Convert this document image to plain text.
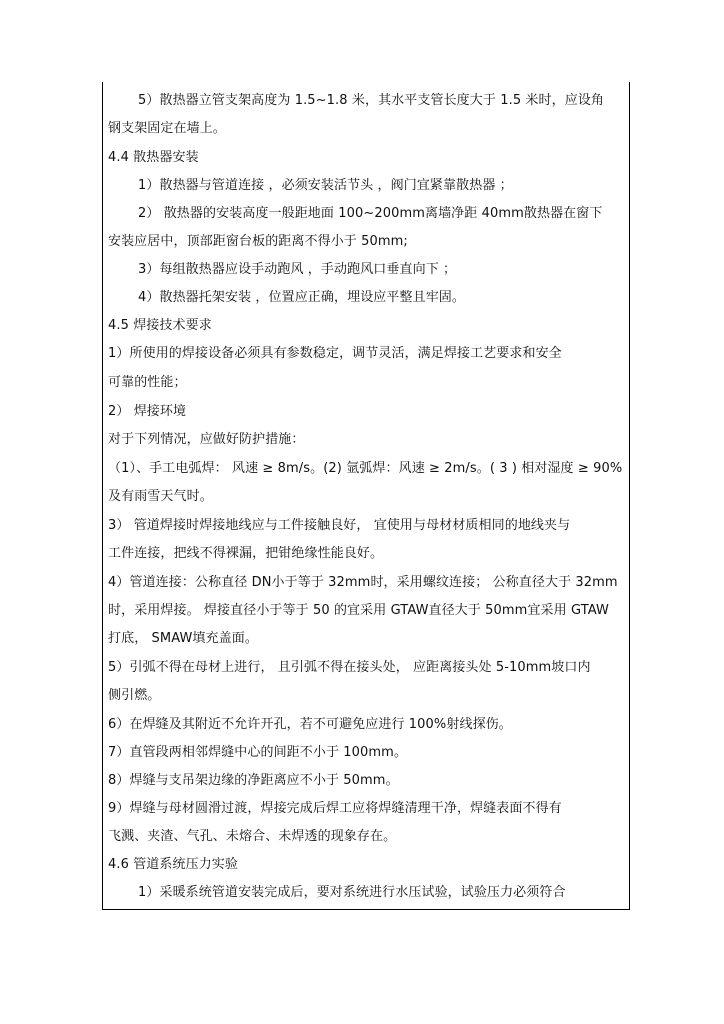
5）散热器立管支架高度为 1.5~1.8 米，其水平支管长度大于 1.5 米时，应设角
钢支架固定在墙上。
4.4 散热器安装
1）散热器与管道连接 ，必须安装活节头 ，阀门宜紧靠散热器 ；
2） 散热器的安装高度一般距地面 100~200mm离墙净距 40mm散热器在窗下
安装应居中，顶部距窗台板的距离不得小于 50mm;
3）每组散热器应设手动跑风 ，手动跑风口垂直向下 ；
4）散热器托架安装 ，位置应正确，埋设应平整且牢固。
4.5 焊接技术要求
1）所使用的焊接设备必须具有参数稳定，调节灵活，满足焊接工艺要求和安全
可靠的性能；
2） 焊接环境
对于下列情况，应做好防护措施：
（1）、手工电弧焊： 风速 ≥ 8m/s。(2) 氩弧焊：风速 ≥ 2m/s。( 3 ) 相对湿度 ≥ 90%
及有雨雪天气时。
3） 管道焊接时焊接地线应与工件接触良好， 宜使用与母材材质相同的地线夹与
工件连接，把线不得裸漏，把钳绝缘性能良好。
4）管道连接：公称直径 DN小于等于 32mm时，采用螺纹连接； 公称直径大于 32mm
时，采用焊接。 焊接直径小于等于 50 的宜采用 GTAW直径大于 50mm宜采用 GTAW
打底， SMAW填充盖面。
5）引弧不得在母材上进行， 且引弧不得在接头处， 应距离接头处 5-10mm坡口内
侧引燃。
6）在焊缝及其附近不允许开孔，若不可避免应进行 100%射线探伤。
7）直管段两相邻焊缝中心的间距不小于 100mm。
8）焊缝与支吊架边缘的净距离应不小于 50mm。
9）焊缝与母材圆滑过渡，焊接完成后焊工应将焊缝清理干净，焊缝表面不得有
飞溅、夹渣、气孔、未熔合、未焊透的现象存在。
4.6 管道系统压力实验
1）采暖系统管道安装完成后，要对系统进行水压试验，试验压力必须符合
